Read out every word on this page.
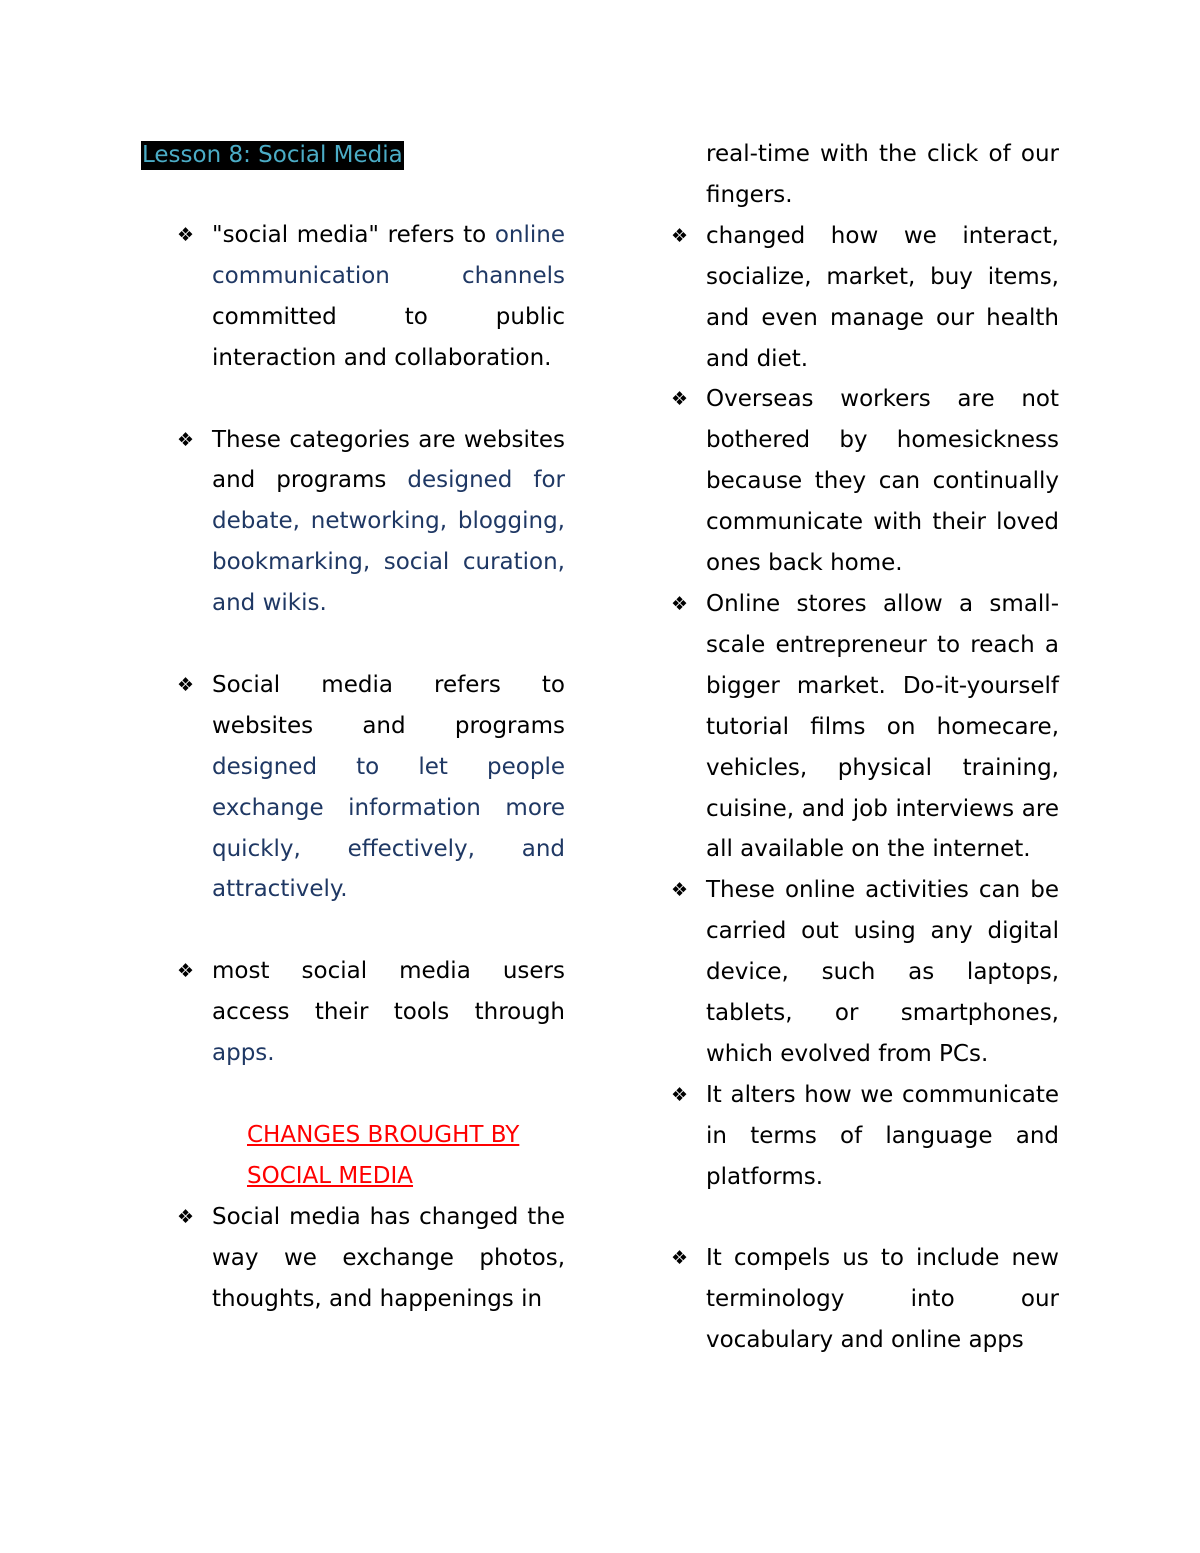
Lesson 8: Social Media
❖ "social media" refers to online communication channels committed to public interaction and collaboration.
❖ These categories are websites and programs designed for debate, networking, blogging, bookmarking, social curation, and wikis.
❖ Social media refers to websites and programs designed to let people exchange information more quickly, effectively, and attractively.
❖ most social media users access their tools through apps.
CHANGES BROUGHT BY
SOCIAL MEDIA
❖ Social media has changed the way we exchange photos, thoughts, and happenings in
real-time with the click of our fingers.
❖ changed how we interact, socialize, market, buy items, and even manage our health and diet.
❖ Overseas workers are not bothered by homesickness because they can continually communicate with their loved ones back home.
❖ Online stores allow a small-scale entrepreneur to reach a bigger market. Do-it-yourself tutorial films on homecare, vehicles, physical training, cuisine, and job interviews are all available on the internet.
❖ These online activities can be carried out using any digital device, such as laptops, tablets, or smartphones, which evolved from PCs.
❖ It alters how we communicate in terms of language and platforms.
❖ It compels us to include new terminology into our vocabulary and online apps
